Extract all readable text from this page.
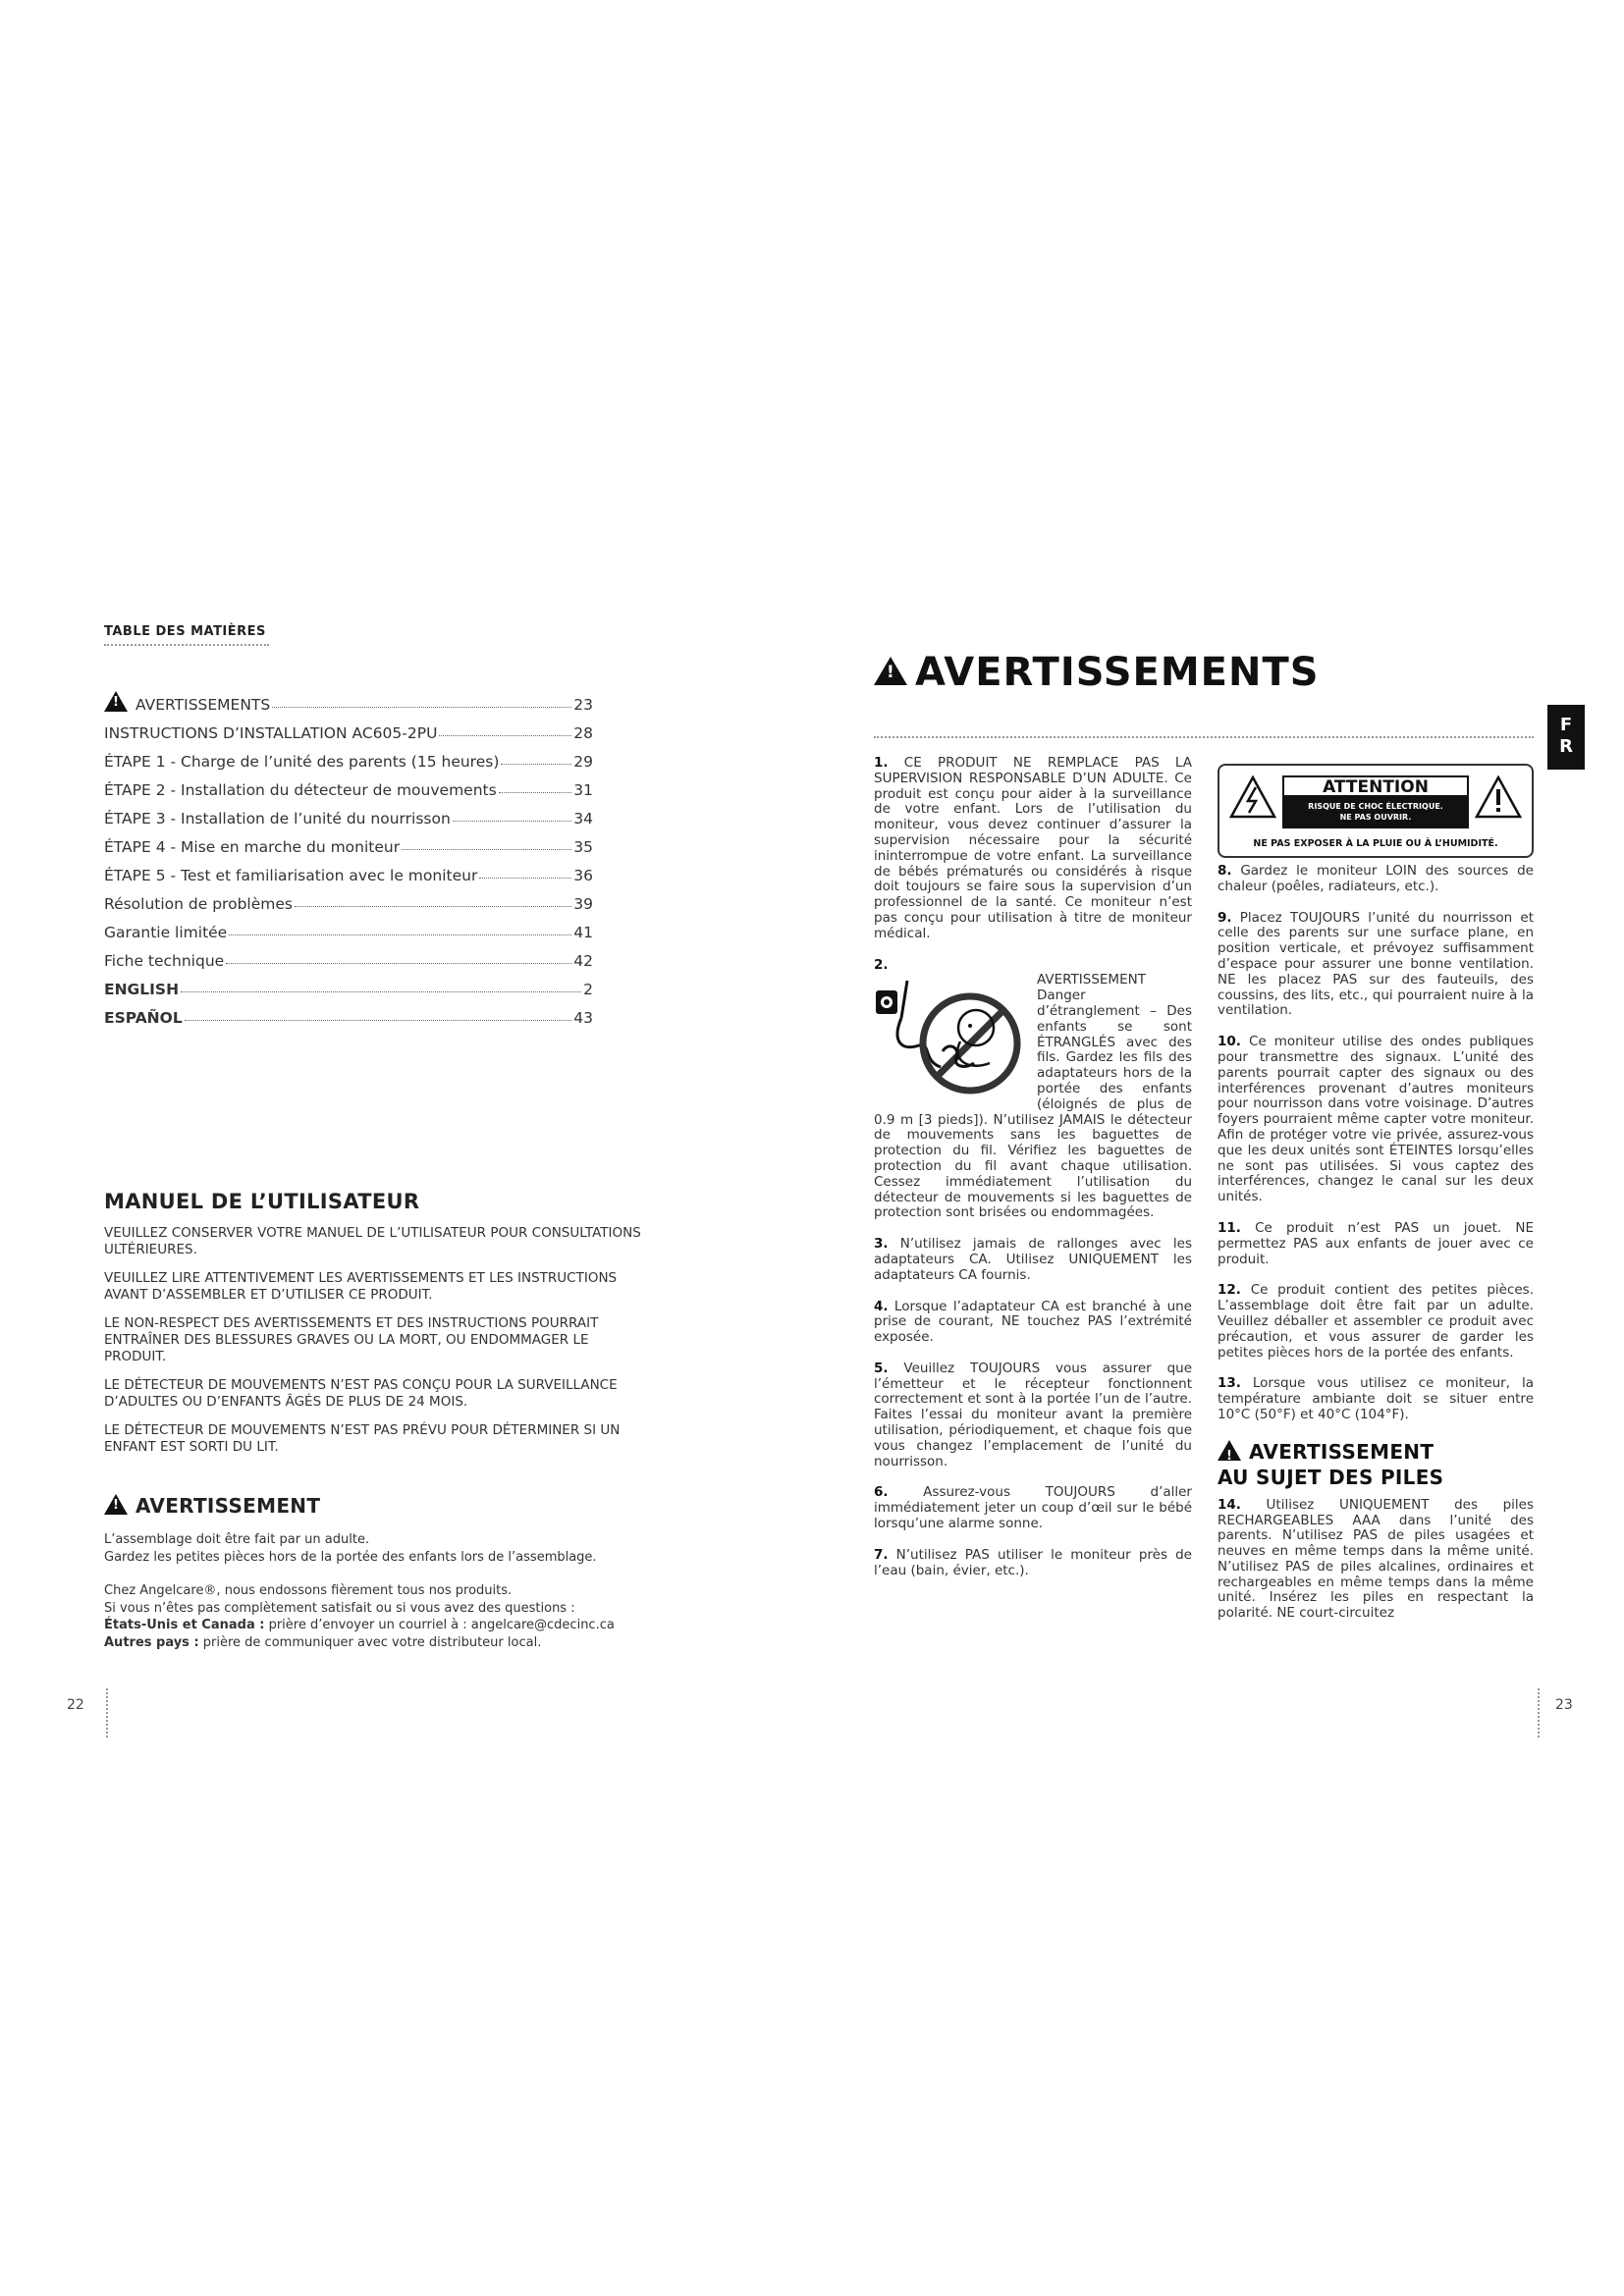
TABLE DES MATIÈRES
!AVERTISSEMENTS	23
INSTRUCTIONS D’INSTALLATION AC605-2PU	28
ÉTAPE 1 - Charge de l’unité des parents (15 heures)	29
ÉTAPE 2 - Installation du détecteur de mouvements	31
ÉTAPE 3 - Installation de l’unité du nourrisson	34
ÉTAPE 4 - Mise en marche du moniteur	35
ÉTAPE 5 - Test et familiarisation avec le moniteur	36
Résolution de problèmes	39
Garantie limitée	41
Fiche technique	42
ENGLISH	2
ESPAÑOL	43
MANUEL DE L’UTILISATEUR

VEUILLEZ CONSERVER VOTRE MANUEL DE L’UTILISATEUR POUR CONSULTATIONS ULTÉRIEURES.

VEUILLEZ LIRE ATTENTIVEMENT LES AVERTISSEMENTS ET LES INSTRUCTIONS AVANT D’ASSEMBLER ET D’UTILISER CE PRODUIT.

LE NON-RESPECT DES AVERTISSEMENTS ET DES INSTRUCTIONS POURRAIT ENTRAÎNER DES BLESSURES GRAVES OU LA MORT, OU ENDOMMAGER LE PRODUIT.

LE DÉTECTEUR DE MOUVEMENTS N’EST PAS CONÇU POUR LA SURVEILLANCE D’ADULTES OU D’ENFANTS ÂGÉS DE PLUS DE 24 MOIS.

LE DÉTECTEUR DE MOUVEMENTS N’EST PAS PRÉVU POUR DÉTERMINER SI UN ENFANT EST SORTI DU LIT.

!AVERTISSEMENT

L’assemblage doit être fait par un adulte.

Gardez les petites pièces hors de la portée des enfants lors de l’assemblage.

Chez Angelcare®, nous endossons fièrement tous nos produits.

Si vous n’êtes pas complètement satisfait ou si vous avez des questions :

États-Unis et Canada : prière d’envoyer un courriel à : angelcare@cdecinc.ca

Autres pays : prière de communiquer avec votre distributeur local.

22
!AVERTISSEMENTS
F
R

1. CE PRODUIT NE REMPLACE PAS LA SUPERVISION RESPONSABLE D’UN ADULTE. Ce produit est conçu pour aider à la surveillance de votre enfant. Lors de l’utilisation du moniteur, vous devez continuer d’assurer la supervision nécessaire pour la sécurité ininterrompue de votre enfant. La surveillance de bébés prématurés ou considérés à risque doit toujours se faire sous la supervision d’un professionnel de la santé. Ce moniteur n’est pas conçu pour utilisation à titre de moniteur médical.

2.

AVERTISSEMENT Danger d’étranglement – Des enfants se sont ÉTRANGLÉS avec des fils. Gardez les fils des adaptateurs hors de la portée des enfants (éloignés de plus de 0.9 m [3 pieds]). N’utilisez JAMAIS le détecteur de mouvements sans les baguettes de protection du fil. Vérifiez les baguettes de protection du fil avant chaque utilisation. Cessez immédiatement l’utilisation du détecteur de mouvements si les baguettes de protection sont brisées ou endommagées.

3. N’utilisez jamais de rallonges avec les adaptateurs CA. Utilisez UNIQUEMENT les adaptateurs CA fournis.

4. Lorsque l’adaptateur CA est branché à une prise de courant, NE touchez PAS l’extrémité exposée.

5. Veuillez TOUJOURS vous assurer que l’émetteur et le récepteur fonctionnent correctement et sont à la portée l’un de l’autre. Faites l’essai du moniteur avant la première utilisation, périodiquement, et chaque fois que vous changez l’emplacement de l’unité du nourrisson.

6.	Assurez-vous TOUJOURS d’aller immédiatement jeter un coup d’œil sur le bébé lorsqu’une alarme sonne.

7. N’utilisez PAS utiliser le moniteur près de l’eau (bain, évier, etc.).

ATTENTION
RISQUE DE CHOC ÉLECTRIQUE.
NE PAS OUVRIR.
NE PAS EXPOSER À LA PLUIE OU À L’HUMIDITÉ.

8. Gardez le moniteur LOIN des sources de chaleur (poêles, radiateurs, etc.).

9. Placez TOUJOURS l’unité du nourrisson et celle des parents sur une surface plane, en position verticale, et prévoyez suffisamment d’espace pour assurer une bonne ventilation. NE les placez PAS sur des fauteuils, des coussins, des lits, etc., qui pourraient nuire à la ventilation.

10. Ce moniteur utilise des ondes publiques pour transmettre des signaux. L’unité des parents pourrait capter des signaux ou des interférences provenant d’autres moniteurs pour nourrisson dans votre voisinage. D’autres foyers pourraient même capter votre moniteur. Afin de protéger votre vie privée, assurez-vous que les deux unités sont ÉTEINTES lorsqu’elles ne sont pas utilisées. Si vous captez des interférences, changez le canal sur les deux unités.

11. Ce produit n’est PAS un jouet. NE permettez PAS aux enfants de jouer avec ce produit.

12. Ce produit contient des petites pièces. L’assemblage doit être fait par un adulte. Veuillez déballer et assembler ce produit avec précaution, et vous assurer de garder les petites pièces hors de la portée des enfants.

13. Lorsque vous utilisez ce moniteur, la température ambiante doit se situer entre 10°C (50°F) et 40°C (104°F).

!AVERTISSEMENT
AU SUJET DES PILES

14. Utilisez UNIQUEMENT des piles RECHARGEABLES AAA dans l’unité des parents. N’utilisez PAS de piles usagées et neuves en même temps dans la même unité. N’utilisez PAS de piles alcalines, ordinaires et rechargeables en même temps dans la même unité. Insérez les piles en respectant la polarité. NE court-circuitez

23
